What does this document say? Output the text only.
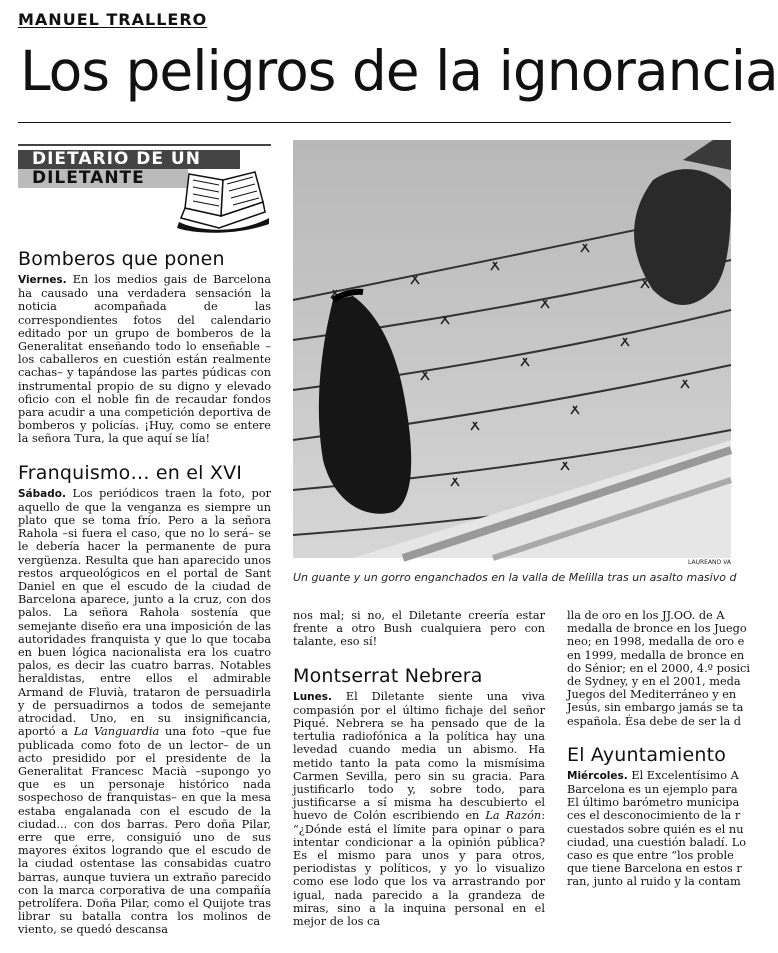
MANUEL TRALLERO
Los peligros de la ignorancia
DIETARIO DE UN
DILETANTE
Bomberos que ponen

Viernes. En los medios gais de Barcelona ha causado una verdadera sensación la noticia acompañada de las correspondientes fotos del calendario editado por un grupo de bomberos de la Generalitat enseñando todo lo enseñable –los caballeros en cuestión están realmente cachas– y tapándose las partes púdicas con instrumental propio de su digno y elevado oficio con el noble fin de recaudar fondos para acudir a una competición deportiva de bomberos y policías. ¡Huy, como se entere la señora Tura, la que aquí se lía!

Franquismo… en el XVI

Sábado. Los periódicos traen la foto, por aquello de que la venganza es siempre un plato que se toma frío. Pero a la señora Rahola –si fuera el caso, que no lo será– se le debería hacer la permanente de pura vergüenza. Resulta que han aparecido unos restos arqueológicos en el portal de Sant Daniel en que el escudo de la ciudad de Barcelona aparece, junto a la cruz, con dos palos. La señora Rahola sostenía que semejante diseño era una imposición de las autoridades franquista y que lo que tocaba en buen lógica nacionalista era los cuatro palos, es decir las cuatro barras. Notables heraldistas, entre ellos el admirable Armand de Fluvià, trataron de persuadirla y de persuadirnos a todos de semejante atrocidad. Uno, en su insignificancia, aportó a La Vanguardia una foto –que fue publicada como foto de un lector– de un acto presidido por el presidente de la Generalitat Francesc Macià –supongo yo que es un personaje histórico nada sospechoso de franquistas– en que la mesa estaba engalanada con el escudo de la ciudad... con dos barras. Pero doña Pilar, erre que erre, consiguió uno de sus mayores éxitos logrando que el escudo de la ciudad ostentase las consabidas cuatro barras, aunque tuviera un extraño parecido con la marca corporativa de una compañía petrolífera. Doña Pilar, como el Quijote tras librar su batalla contra los molinos de viento, se quedó descansa

LAUREANO VA
Un guante y un gorro enganchados en la valla de Melilla tras un asalto masivo d

nos mal; si no, el Diletante creería estar frente a otro Bush cualquiera pero con talante, eso sí!

Montserrat Nebrera

Lunes. El Diletante siente una viva compasión por el último fichaje del señor Piqué. Nebrera se ha pensado que de la tertulia radiofónica a la política hay una levedad cuando media un abismo. Ha metido tanto la pata como la mismísima Carmen Sevilla, pero sin su gracia. Para justificarlo todo y, sobre todo, para justificarse a sí misma ha descubierto el huevo de Colón escribiendo en La Razón: “¿Dónde está el límite para opinar o para intentar condicionar a la opinión pública? Es el mismo para unos y para otros, periodistas y políticos, y yo lo visualizo como ese lodo que los va arrastrando por igual, nada parecido a la grandeza de miras, sino a la inquina personal en el mejor de los ca

lla de oro en los JJ.OO. de A
medalla de bronce en los Juego
neo; en 1998, medalla de oro e
en 1999, medalla de bronce en
do Sénior; en el 2000, 4.º posici
de Sydney, y en el 2001, meda
Juegos del Mediterráneo y en
Jesús, sin embargo jamás se ta
española. Ésa debe de ser la d

El Ayuntamiento

Miércoles. El Excelentísimo A
Barcelona es un ejemplo para
El último barómetro municipa
ces el desconocimiento de la r
cuestados sobre quién es el nu
ciudad, una cuestión baladí. Lo
caso es que entre “los proble
que tiene Barcelona en estos r
ran, junto al ruido y la contam
